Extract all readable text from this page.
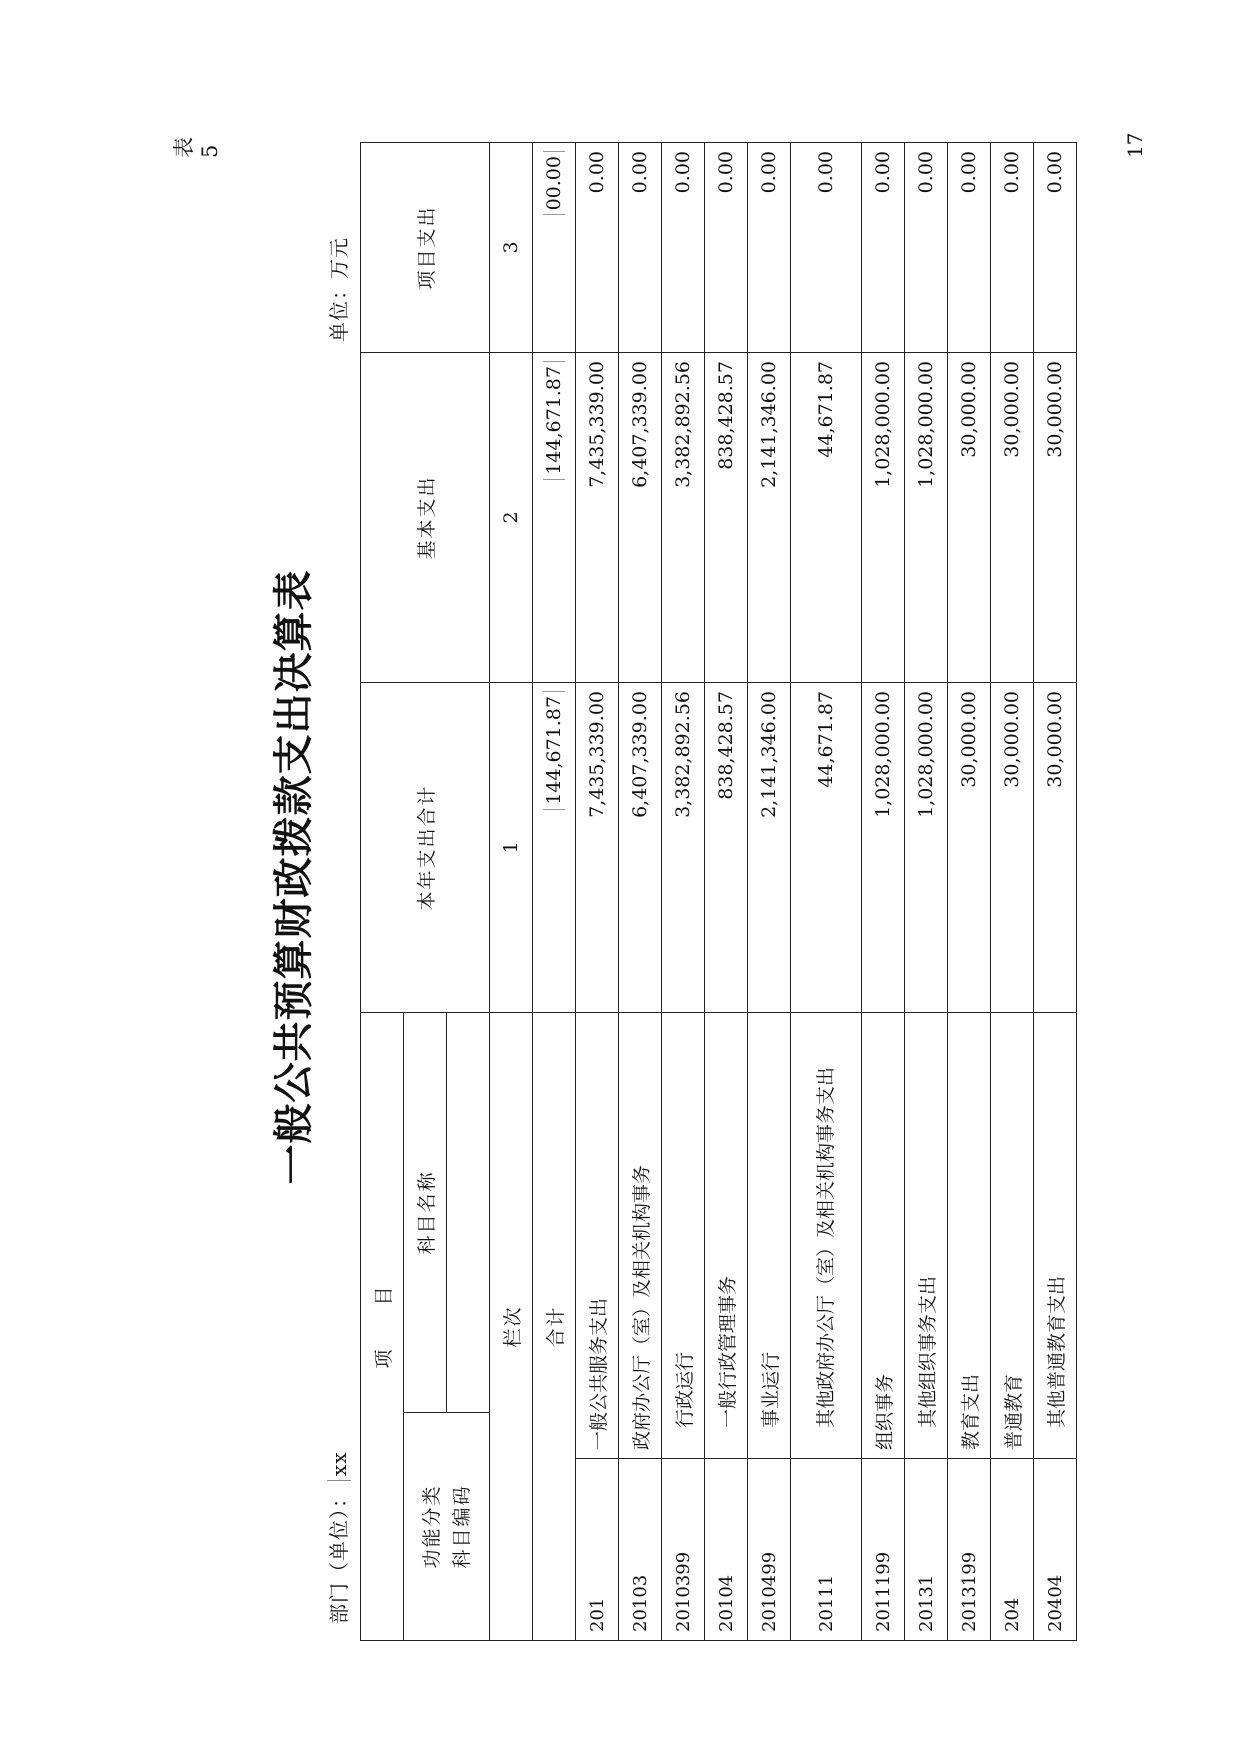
表 5
一般公共预算财政拨款支出决算表
部门（单位）：xx
单位：万元
项　　目			本年支出合计	基本支出	项目支出

功能分类 科目编码		科目名称			

栏次			1	2	3
合计			144,671.87	144,671.87	00.00
201	一般公共服务支出		7,435,339.00	7,435,339.00	0.00
20103	政府办公厅（室）及相关机构事务		6,407,339.00	6,407,339.00	0.00
2010399	行政运行		3,382,892.56	3,382,892.56	0.00
20104	一般行政管理事务		838,428.57	838,428.57	0.00
2010499	事业运行		2,141,346.00	2,141,346.00	0.00
20111	其他政府办公厅（室）及相关机构事务支出		44,671.87	44,671.87	0.00
2011199	组织事务		1,028,000.00	1,028,000.00	0.00
20131	其他组织事务支出		1,028,000.00	1,028,000.00	0.00
2013199	教育支出		30,000.00	30,000.00	0.00
204	普通教育		30,000.00	30,000.00	0.00
20404	其他普通教育支出		30,000.00	30,000.00	0.00
17
